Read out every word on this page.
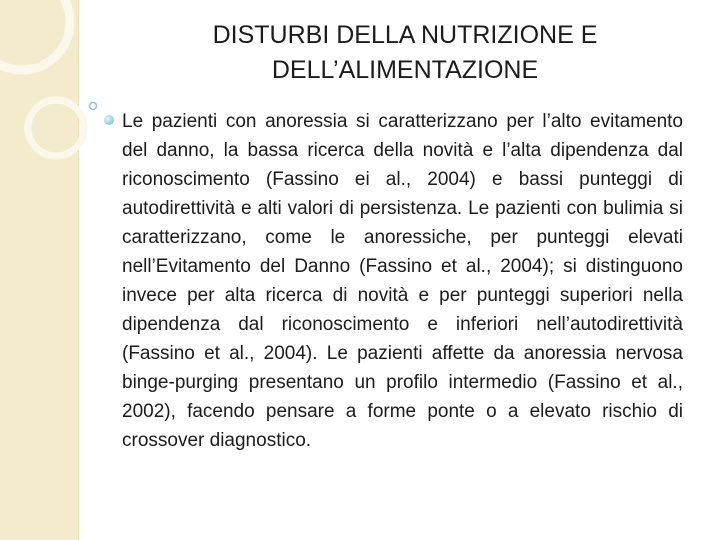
DISTURBI DELLA NUTRIZIONE E
DELL’ALIMENTAZIONE

Le pazienti con anoressia si caratterizzano per l’alto evitamento del danno, la bassa ricerca della novità e l’alta dipendenza dal riconoscimento (Fassino ei al., 2004) e bassi punteggi di autodirettività e alti valori di persistenza. Le pazienti con bulimia si caratterizzano, come le anoressiche, per punteggi elevati nell’Evitamento del Danno (Fassino et al., 2004); si distinguono invece per alta ricerca di novità e per punteggi superiori nella dipendenza dal riconoscimento e inferiori nell’autodirettività (Fassino et al., 2004). Le pazienti affette da anoressia nervosa binge-purging presentano un profilo intermedio (Fassino et al., 2002), facendo pensare a forme ponte o a elevato rischio di crossover diagnostico.
